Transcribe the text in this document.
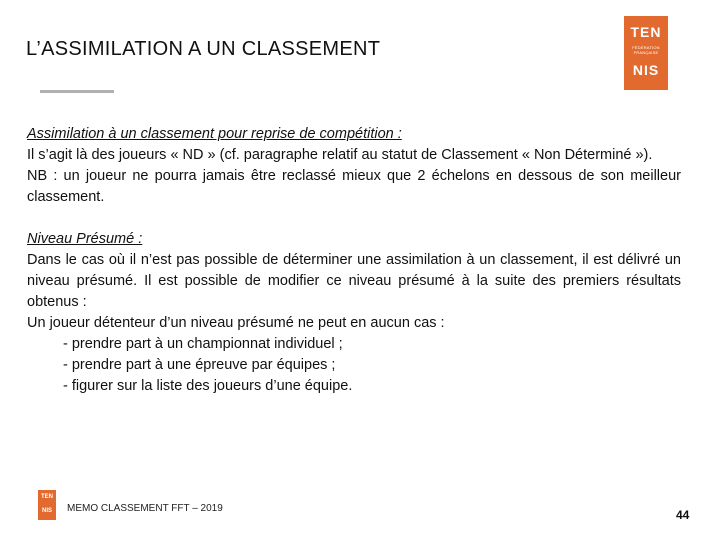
L’ASSIMILATION A UN CLASSEMENT
TEN
FÉDÉRATION FRANÇAISE
NIS
Assimilation à un classement pour reprise de compétition :

Il s’agit là des joueurs « ND » (cf. paragraphe relatif au statut de Classement « Non Déterminé »).

NB : un joueur ne pourra jamais être reclassé mieux que 2 échelons en dessous de son meilleur classement.

Niveau Présumé :

Dans le cas où il n’est pas possible de déterminer une assimilation à un classement, il est délivré un niveau présumé. Il est possible de modifier ce niveau présumé à la suite des premiers résultats obtenus :

Un joueur détenteur d’un niveau présumé ne peut en aucun cas :

- prendre part à un championnat individuel ;
- prendre part à une épreuve par équipes ;
- figurer sur la liste des joueurs d’une équipe.
TEN
NIS	MEMO CLASSEMENT FFT – 2019	44
